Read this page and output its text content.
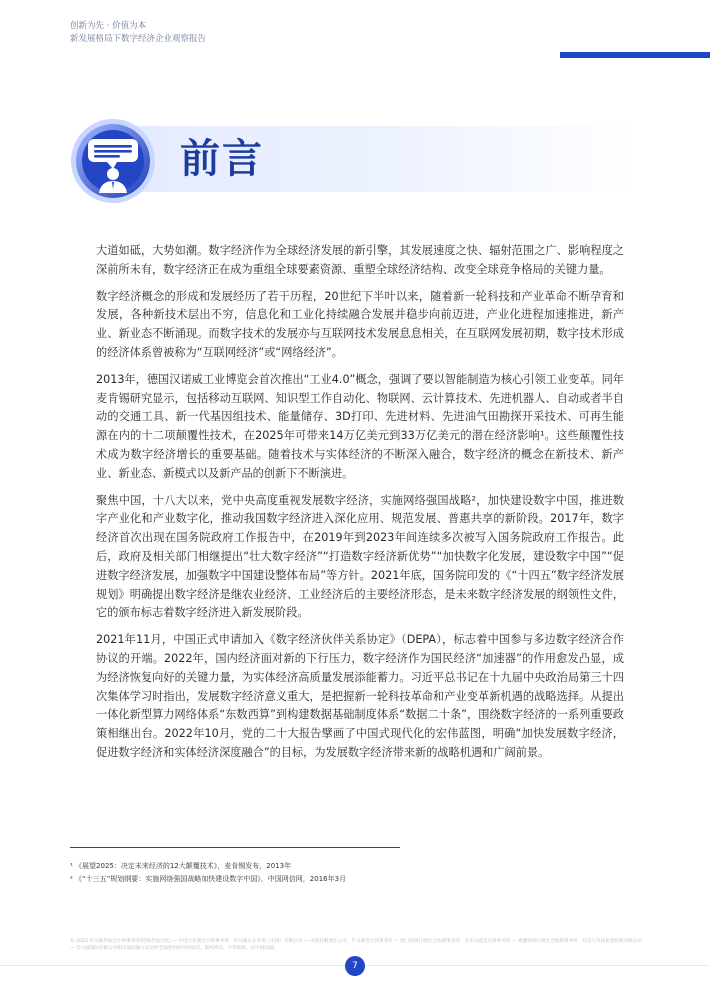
创新为先 · 价值为本
新发展格局下数字经济企业观察报告
前言

大道如砥，大势如潮。数字经济作为全球经济发展的新引擎，其发展速度之快、辐射范围之广、影响程度之深前所未有，数字经济正在成为重组全球要素资源、重塑全球经济结构、改变全球竞争格局的关键力量。

数字经济概念的形成和发展经历了若干历程，20世纪下半叶以来，随着新一轮科技和产业革命不断孕育和发展，各种新技术层出不穷，信息化和工业化持续融合发展并稳步向前迈进，产业化进程加速推进，新产业、新业态不断涌现。而数字技术的发展亦与互联网技术发展息息相关，在互联网发展初期，数字技术形成的经济体系曾被称为“互联网经济”或“网络经济”。

2013年，德国汉诺威工业博览会首次推出“工业4.0”概念，强调了要以智能制造为核心引领工业变革。同年麦肯锡研究显示，包括移动互联网、知识型工作自动化、物联网、云计算技术、先进机器人、自动或者半自动的交通工具、新一代基因组技术、能量储存、3D打印、先进材料、先进油气田勘探开采技术、可再生能源在内的十二项颠覆性技术，在2025年可带来14万亿美元到33万亿美元的潜在经济影响¹。这些颠覆性技术成为数字经济增长的重要基础。随着技术与实体经济的不断深入融合，数字经济的概念在新技术、新产业、新业态、新模式以及新产品的创新下不断演进。

聚焦中国，十八大以来，党中央高度重视发展数字经济，实施网络强国战略²，加快建设数字中国，推进数字产业化和产业数字化，推动我国数字经济进入深化应用、规范发展、普惠共享的新阶段。2017年，数字经济首次出现在国务院政府工作报告中，在2019年到2023年间连续多次被写入国务院政府工作报告。此后，政府及相关部门相继提出“壮大数字经济”“打造数字经济新优势”“加快数字化发展，建设数字中国”“促进数字经济发展，加强数字中国建设整体布局”等方针。2021年底，国务院印发的《“十四五”数字经济发展规划》明确提出数字经济是继农业经济、工业经济后的主要经济形态，是未来数字经济发展的纲领性文件，它的颁布标志着数字经济进入新发展阶段。

2021年11月，中国正式申请加入《数字经济伙伴关系协定》（DEPA），标志着中国参与多边数字经济合作协议的开端。2022年，国内经济面对新的下行压力，数字经济作为国民经济“加速器”的作用愈发凸显，成为经济恢复向好的关键力量，为实体经济高质量发展添能蓄力。习近平总书记在十九届中央政治局第三十四次集体学习时指出，发展数字经济意义重大，是把握新一轮科技革命和产业变革新机遇的战略选择。从提出一体化新型算力网络体系“东数西算”到构建数据基础制度体系“数据二十条”，围绕数字经济的一系列重要政策相继出台。2022年10月，党的二十大报告擘画了中国式现代化的宏伟蓝图，明确“加快发展数字经济，促进数字经济和实体经济深度融合”的目标，为发展数字经济带来新的战略机遇和广阔前景。

¹ 《展望2025：决定未来经济的12大颠覆技术》，麦肯锡发布，2013年
² 《“十三五”规划纲要：实施网络强国战略加快建设数字中国》，中国网信网，2016年3月
© 2023 毕马威华振会计师事务所(特殊普通合伙) — 中国合伙制会计师事务所、毕马威企业咨询（中国）有限公司 — 中国有限责任公司、毕马威会计师事务所 — 澳门特别行政区合伙制事务所，及毕马威会计师事务所 — 香港特别行政区合伙制事务所，均是与英国私营担保有限公司 — 毕马威国际有限公司相关联的独立成员所全球性组织中的成员。版权所有，不得转载。在中国印刷。
7
